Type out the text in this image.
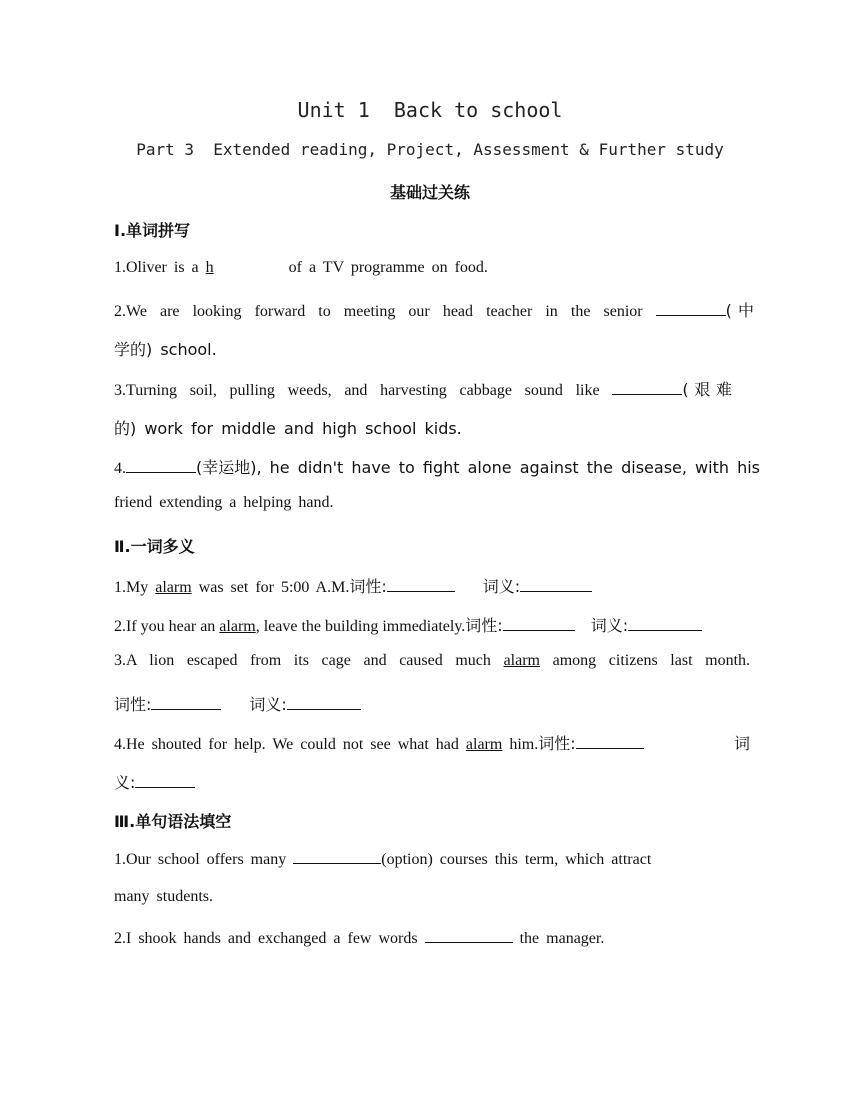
Unit 1  Back to school
Part 3  Extended reading, Project, Assessment & Further study
基础过关练
Ⅰ.单词拼写
1.Oliver is a h	of a TV programme on food.
2.We are looking forward to meeting our head teacher in the senior	(中
学的) school.
3.Turning soil, pulling weeds, and harvesting cabbage sound like	(艰难
的) work for middle and high school kids.
4.	(幸运地), he didn't have to fight alone against the disease, with his
friend extending a helping hand.
Ⅱ.一词多义
1.My alarm was set for 5:00 A.M.词性:	词义:
2.If you hear an alarm, leave the building immediately.词性:	词义:
3.A lion escaped from its cage and caused much alarm among citizens last month.
词性:	词义:
4.He shouted for help. We could not see what had alarm him.词性:	词
义:
Ⅲ.单句语法填空
1.Our school offers many	(option) courses this term, which attract
many students.
2.I shook hands and exchanged a few words	the manager.
